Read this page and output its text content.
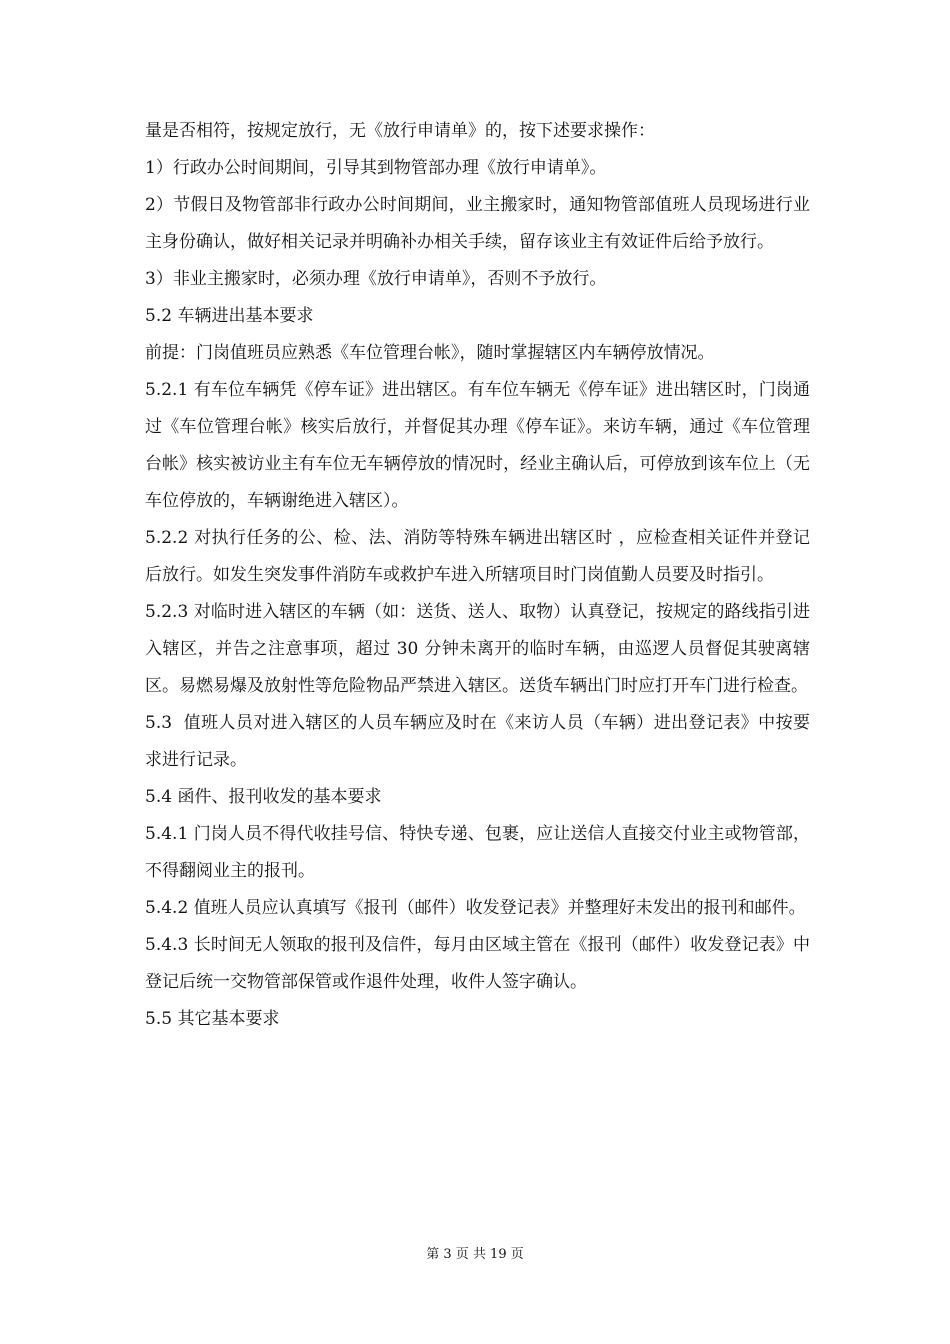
量是否相符，按规定放行，无《放行申请单》的，按下述要求操作：

1）行政办公时间期间，引导其到物管部办理《放行申请单》。

2）节假日及物管部非行政办公时间期间，业主搬家时，通知物管部值班人员现场进行业主身份确认，做好相关记录并明确补办相关手续，留存该业主有效证件后给予放行。

3）非业主搬家时，必须办理《放行申请单》，否则不予放行。

5.2 车辆进出基本要求

前提：门岗值班员应熟悉《车位管理台帐》，随时掌握辖区内车辆停放情况。

5.2.1 有车位车辆凭《停车证》进出辖区。有车位车辆无《停车证》进出辖区时，门岗通过《车位管理台帐》核实后放行，并督促其办理《停车证》。来访车辆，通过《车位管理台帐》核实被访业主有车位无车辆停放的情况时，经业主确认后，可停放到该车位上（无车位停放的，车辆谢绝进入辖区）。

5.2.2 对执行任务的公、检、法、消防等特殊车辆进出辖区时 ，应检查相关证件并登记后放行。如发生突发事件消防车或救护车进入所辖项目时门岗值勤人员要及时指引。

5.2.3 对临时进入辖区的车辆（如：送货、送人、取物）认真登记，按规定的路线指引进入辖区，并告之注意事项，超过 30 分钟未离开的临时车辆，由巡逻人员督促其驶离辖区。易燃易爆及放射性等危险物品严禁进入辖区。送货车辆出门时应打开车门进行检查。

5.3  值班人员对进入辖区的人员车辆应及时在《来访人员（车辆）进出登记表》中按要求进行记录。

5.4 函件、报刊收发的基本要求

5.4.1 门岗人员不得代收挂号信、特快专递、包裹，应让送信人直接交付业主或物管部，不得翻阅业主的报刊。

5.4.2 值班人员应认真填写《报刊（邮件）收发登记表》并整理好未发出的报刊和邮件。

5.4.3 长时间无人领取的报刊及信件，每月由区域主管在《报刊（邮件）收发登记表》中登记后统一交物管部保管或作退件处理，收件人签字确认。

5.5 其它基本要求

第 3 页 共 19 页
